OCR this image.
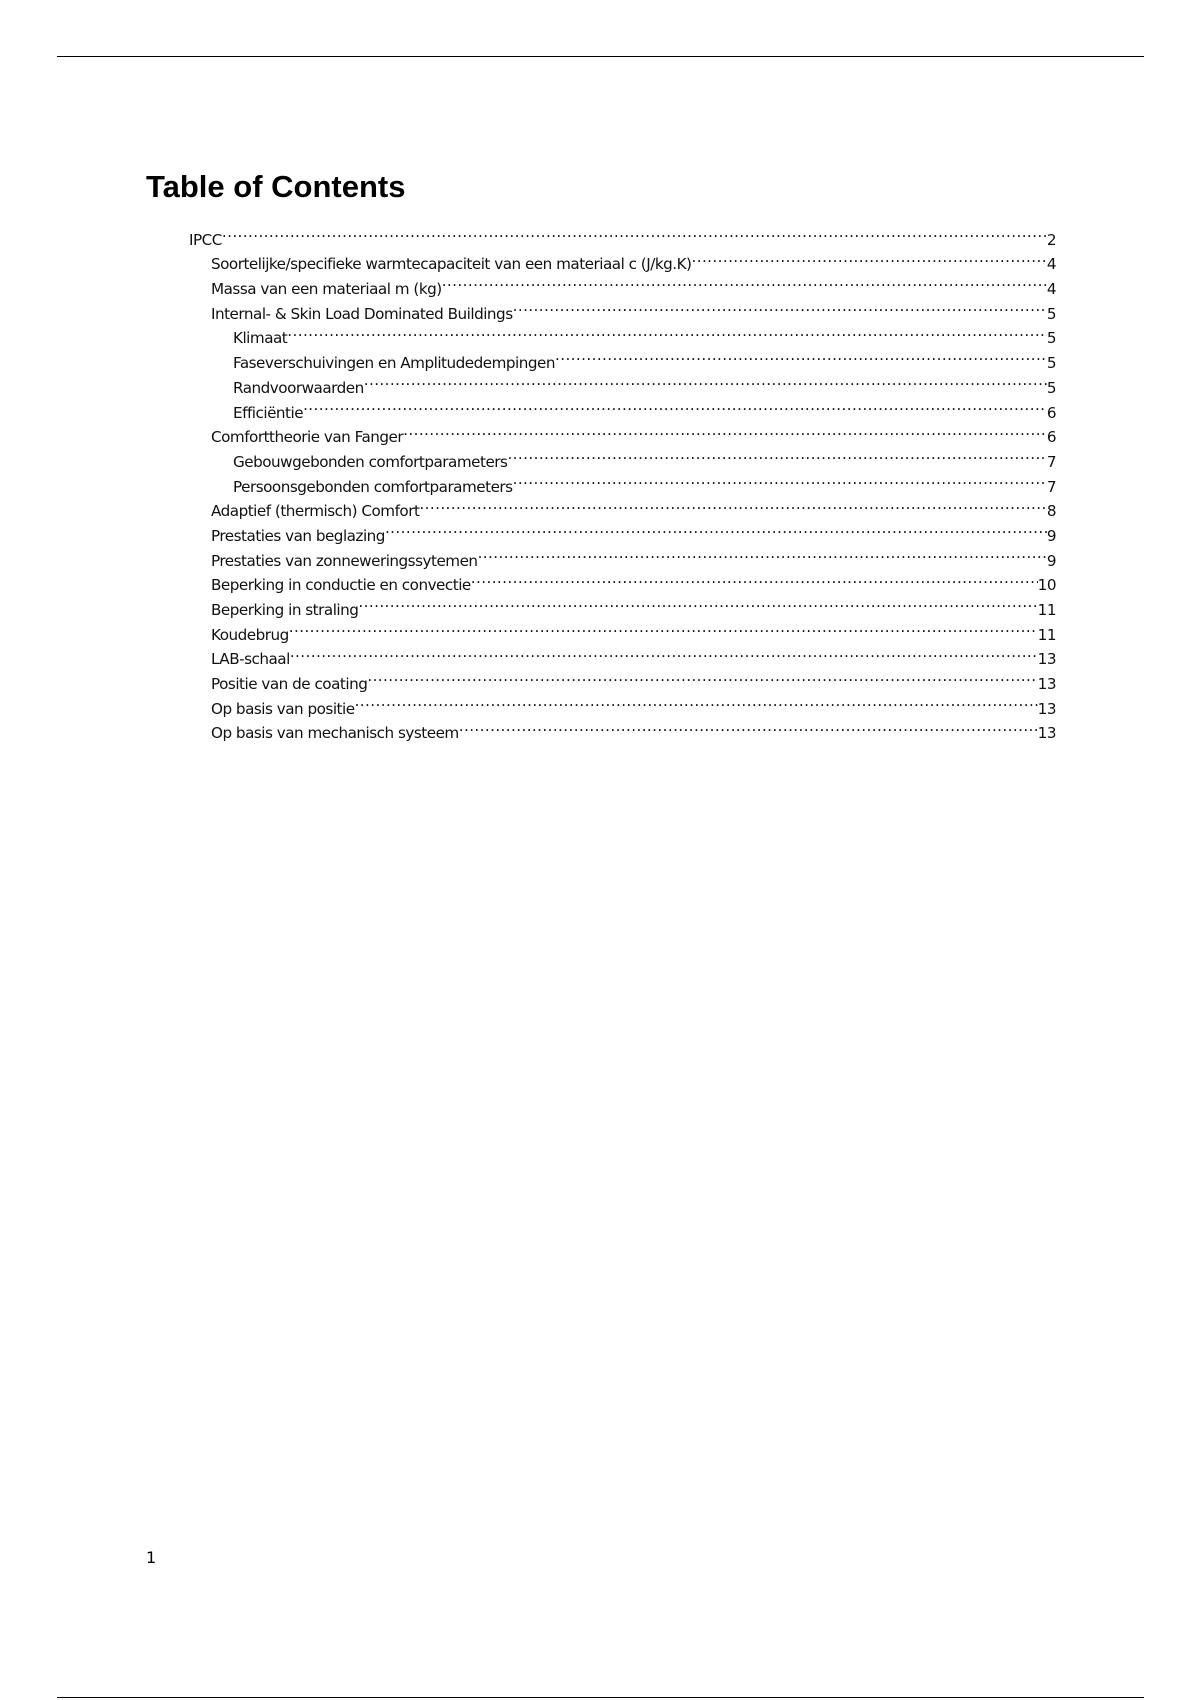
Table of Contents
IPCC .....	2
Soortelijke/specifieke warmtecapaciteit van een materiaal c (J/kg.K) .....	4
Massa van een materiaal m (kg) .....	4
Internal- & Skin Load Dominated Buildings .....	5
Klimaat .....	5
Faseverschuivingen en Amplitudedempingen .....	5
Randvoorwaarden .....	5
Efficiëntie .....	6
Comforttheorie van Fanger .....	6
Gebouwgebonden comfortparameters .....	7
Persoonsgebonden comfortparameters .....	7
Adaptief (thermisch) Comfort .....	8
Prestaties van beglazing .....	9
Prestaties van zonneweringssytemen .....	9
Beperking in conductie en convectie .....	10
Beperking in straling .....	11
Koudebrug .....	11
LAB-schaal .....	13
Positie van de coating .....	13
Op basis van positie .....	13
Op basis van mechanisch systeem .....	13
1
